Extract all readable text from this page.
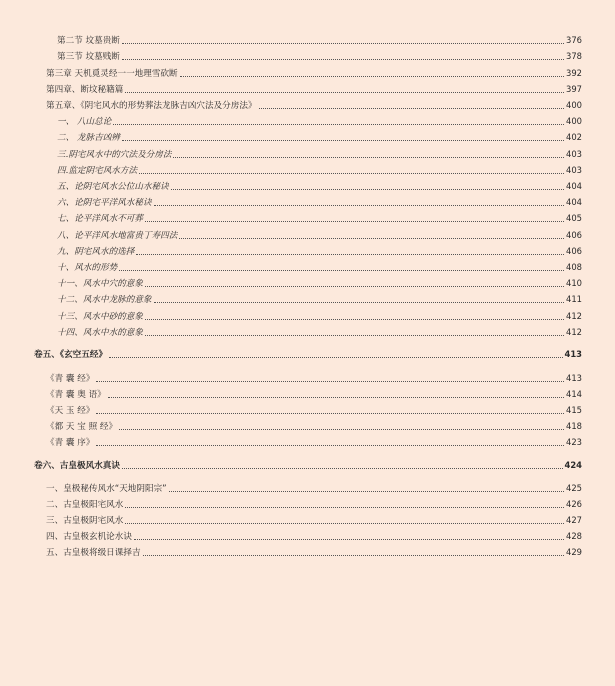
第二节 坟墓贵断	376
第三节 坟墓贱断	378
第三章 天机覓灵经一一地理雪砍断	392
第四章、断坟秘籍篇	397
第五章、《阴宅风水的形势葬法龙脉吉凶穴法及分房法》	400
一、 八山总论	400
二、 龙脉吉凶辨	402
三.阴宅风水中的穴法及分房法	403
四.监定阴宅风水方法	403
五、论阴宅风水公位山水秘诀	404
六、论阴宅平洋风水秘诀	404
七、论平洋风水不可葬	405
八、论平洋风水地富贵丁寿四法	406
九、阴宅风水的选择	406
十、风水的形势	408
十一、风水中穴的意象	410
十二、风水中龙脉的意象	411
十三、风水中砂的意象	412
十四、风水中水的意象	412
卷五、《玄空五经》	413
《青 囊 经》	413
《青 囊 奥 语》	414
《天 玉 经》	415
《都 天 宝 照 经》	418
《青 囊 序》	423
卷六、古皇极风水真诀	424
一、皇极秘传风水“天地阴阳宗”	425
二、古皇极阳宅风水	426
三、古皇极阴宅风水	427
四、古皇极玄机论水诀	428
五、古皇极将级日课择吉	429
